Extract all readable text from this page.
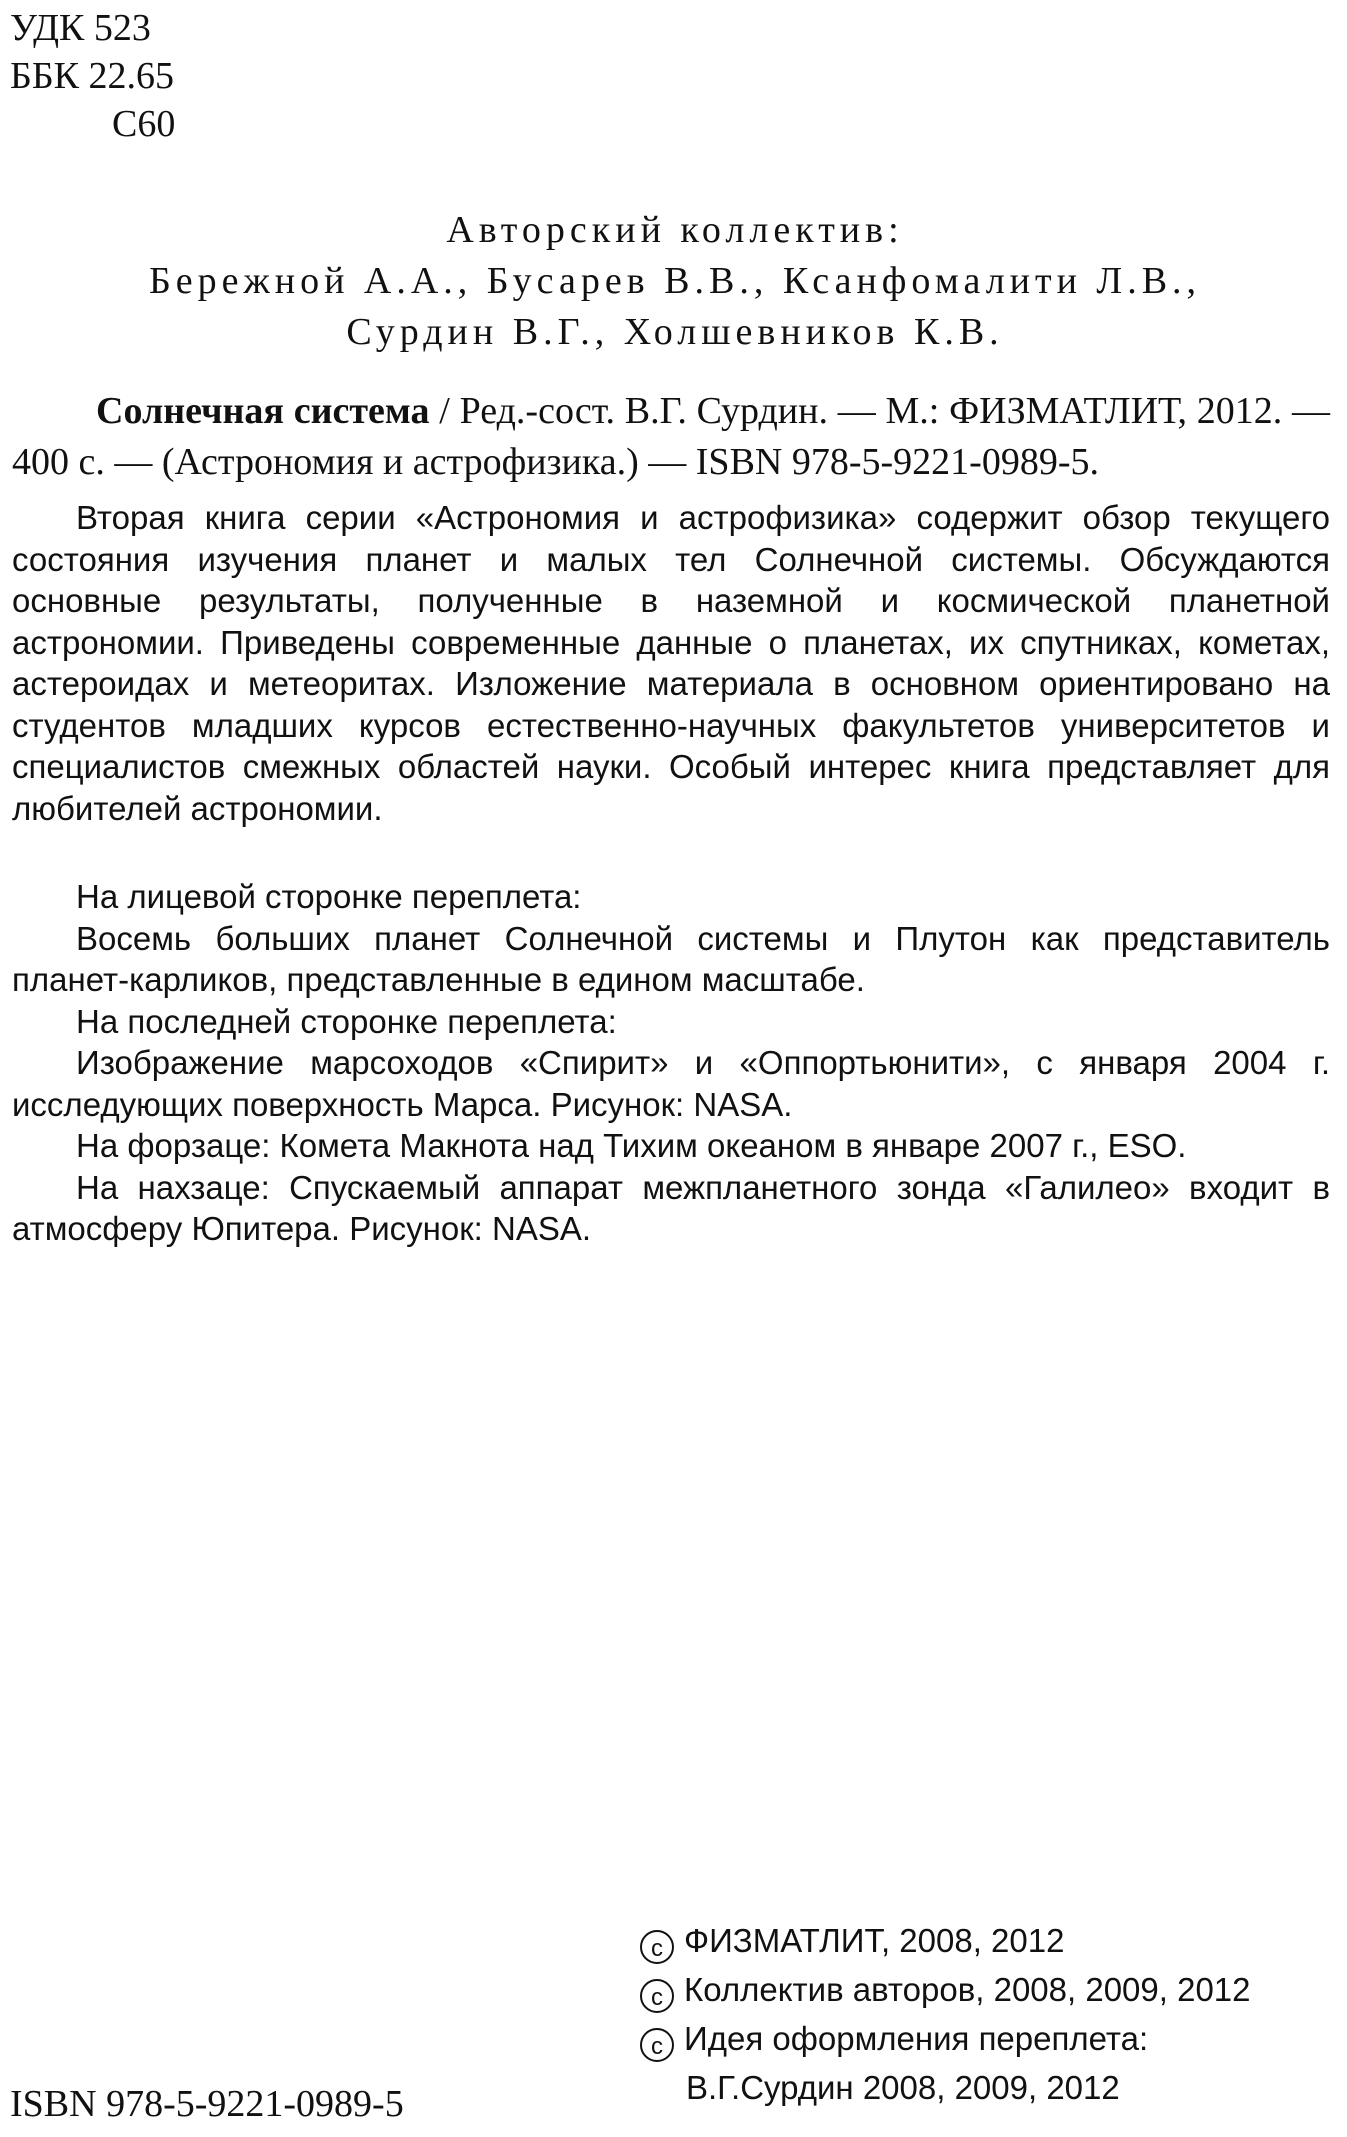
УДК 523
ББК 22.65
С60
Авторский коллектив:
Бережной А.А., Бусарев В.В., Ксанфомалити Л.В.,
Сурдин В.Г., Холшевников К.В.
Солнечная система / Ред.-сост. В.Г. Сурдин. — М.: ФИЗМАТЛИТ, 2012. — 400 с. — (Астрономия и астрофизика.) — ISBN 978-5-9221-0989-5.

Вторая книга серии «Астрономия и астрофизика» содержит обзор текущего состояния изучения планет и малых тел Солнечной системы. Обсуждаются основные результаты, полученные в наземной и космической планетной астрономии. Приведены современные данные о планетах, их спутниках, кометах, астероидах и метеоритах. Изложение материала в основном ориентировано на студентов младших курсов естественно-научных факультетов университетов и специалистов смежных областей науки. Особый интерес книга представляет для любителей астрономии.

На лицевой сторонке переплета:

Восемь больших планет Солнечной системы и Плутон как представитель планет-карликов, представленные в едином масштабе.

На последней сторонке переплета:

Изображение марсоходов «Спирит» и «Оппортьюнити», с января 2004 г. исследующих поверхность Марса. Рисунок: NASA.

На форзаце: Комета Макнота над Тихим океаном в январе 2007 г., ESO.

На нахзаце: Спускаемый аппарат межпланетного зонда «Галилео» входит в атмосферу Юпитера. Рисунок: NASA.

c ФИЗМАТЛИТ, 2008, 2012
c Коллектив авторов, 2008, 2009, 2012
c Идея оформления переплета:
В.Г.Сурдин 2008, 2009, 2012
ISBN 978-5-9221-0989-5
